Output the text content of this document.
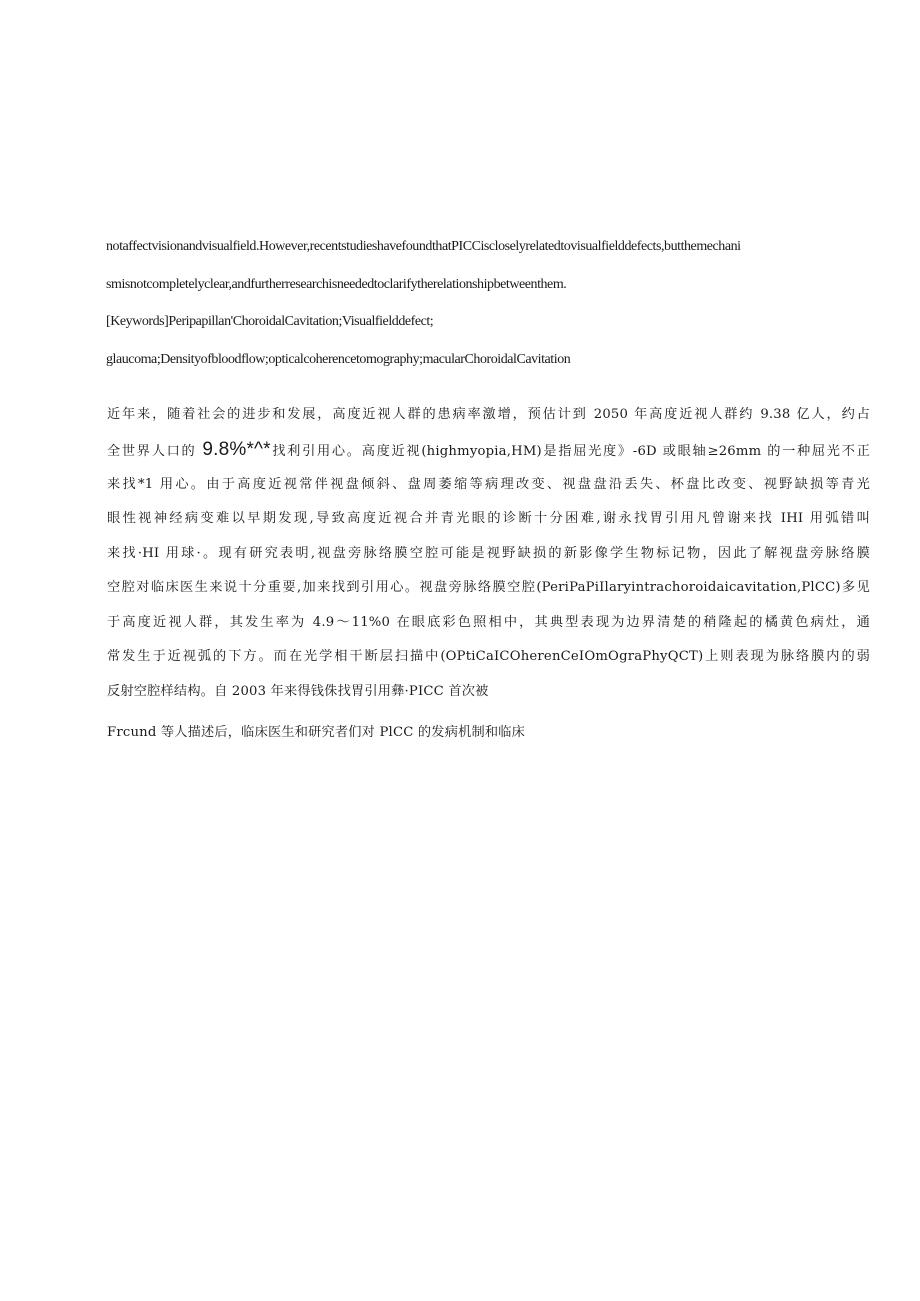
notaffectvisionandvisualfield.However,recentstudieshavefoundthatPICCiscloselyrelatedtovisualfielddefects,butthemechani
smisnotcompletelyclear,andfurtherresearchisneededtoclarifytherelationshipbetweenthem.
[Keywords]Peripapillan'ChoroidalCavitation;Visualfielddefect;
glaucoma;Densityofbloodflow;opticalcoherencetomography;macularChoroidalCavitation
近年来，随着社会的进步和发展，高度近视人群的患病率激增，预估计到 2050 年高度近视人群约 9.38 亿人，约占
全世界人口的 9.8%*^*找利引用心。高度近视(highmyopia,HM)是指屈光度》-6D 或眼轴≥26mm 的一种屈光不正
来找*1 用心。由于高度近视常伴视盘倾斜、盘周萎缩等病理改变、视盘盘沿丢失、杯盘比改变、视野缺损等青光
眼性视神经病变难以早期发现,导致高度近视合并青光眼的诊断十分困难,谢永找胃引用凡曾谢来找 IHI 用弧错叫
来找·HI 用球·。现有研究表明,视盘旁脉络膜空腔可能是视野缺损的新影像学生物标记物，因此了解视盘旁脉络膜
空腔对临床医生来说十分重要,加来找到引用心。视盘旁脉络膜空腔(PeriPaPiIlaryintrachoroidaicavitation,PlCC)多见
于高度近视人群，其发生率为 4.9～11%0 在眼底彩色照相中，其典型表现为边界清楚的稍隆起的橘黄色病灶，通
常发生于近视弧的下方。而在光学相干断层扫描中(OPtiCaICOherenCeIOmOgraPhyQCT)上则表现为脉络膜内的弱
反射空腔样结构。自 2003 年来得钱侏找胃引用彝·PICC 首次被
Frcund 等人描述后，临床医生和研究者们对 PlCC 的发病机制和临床
